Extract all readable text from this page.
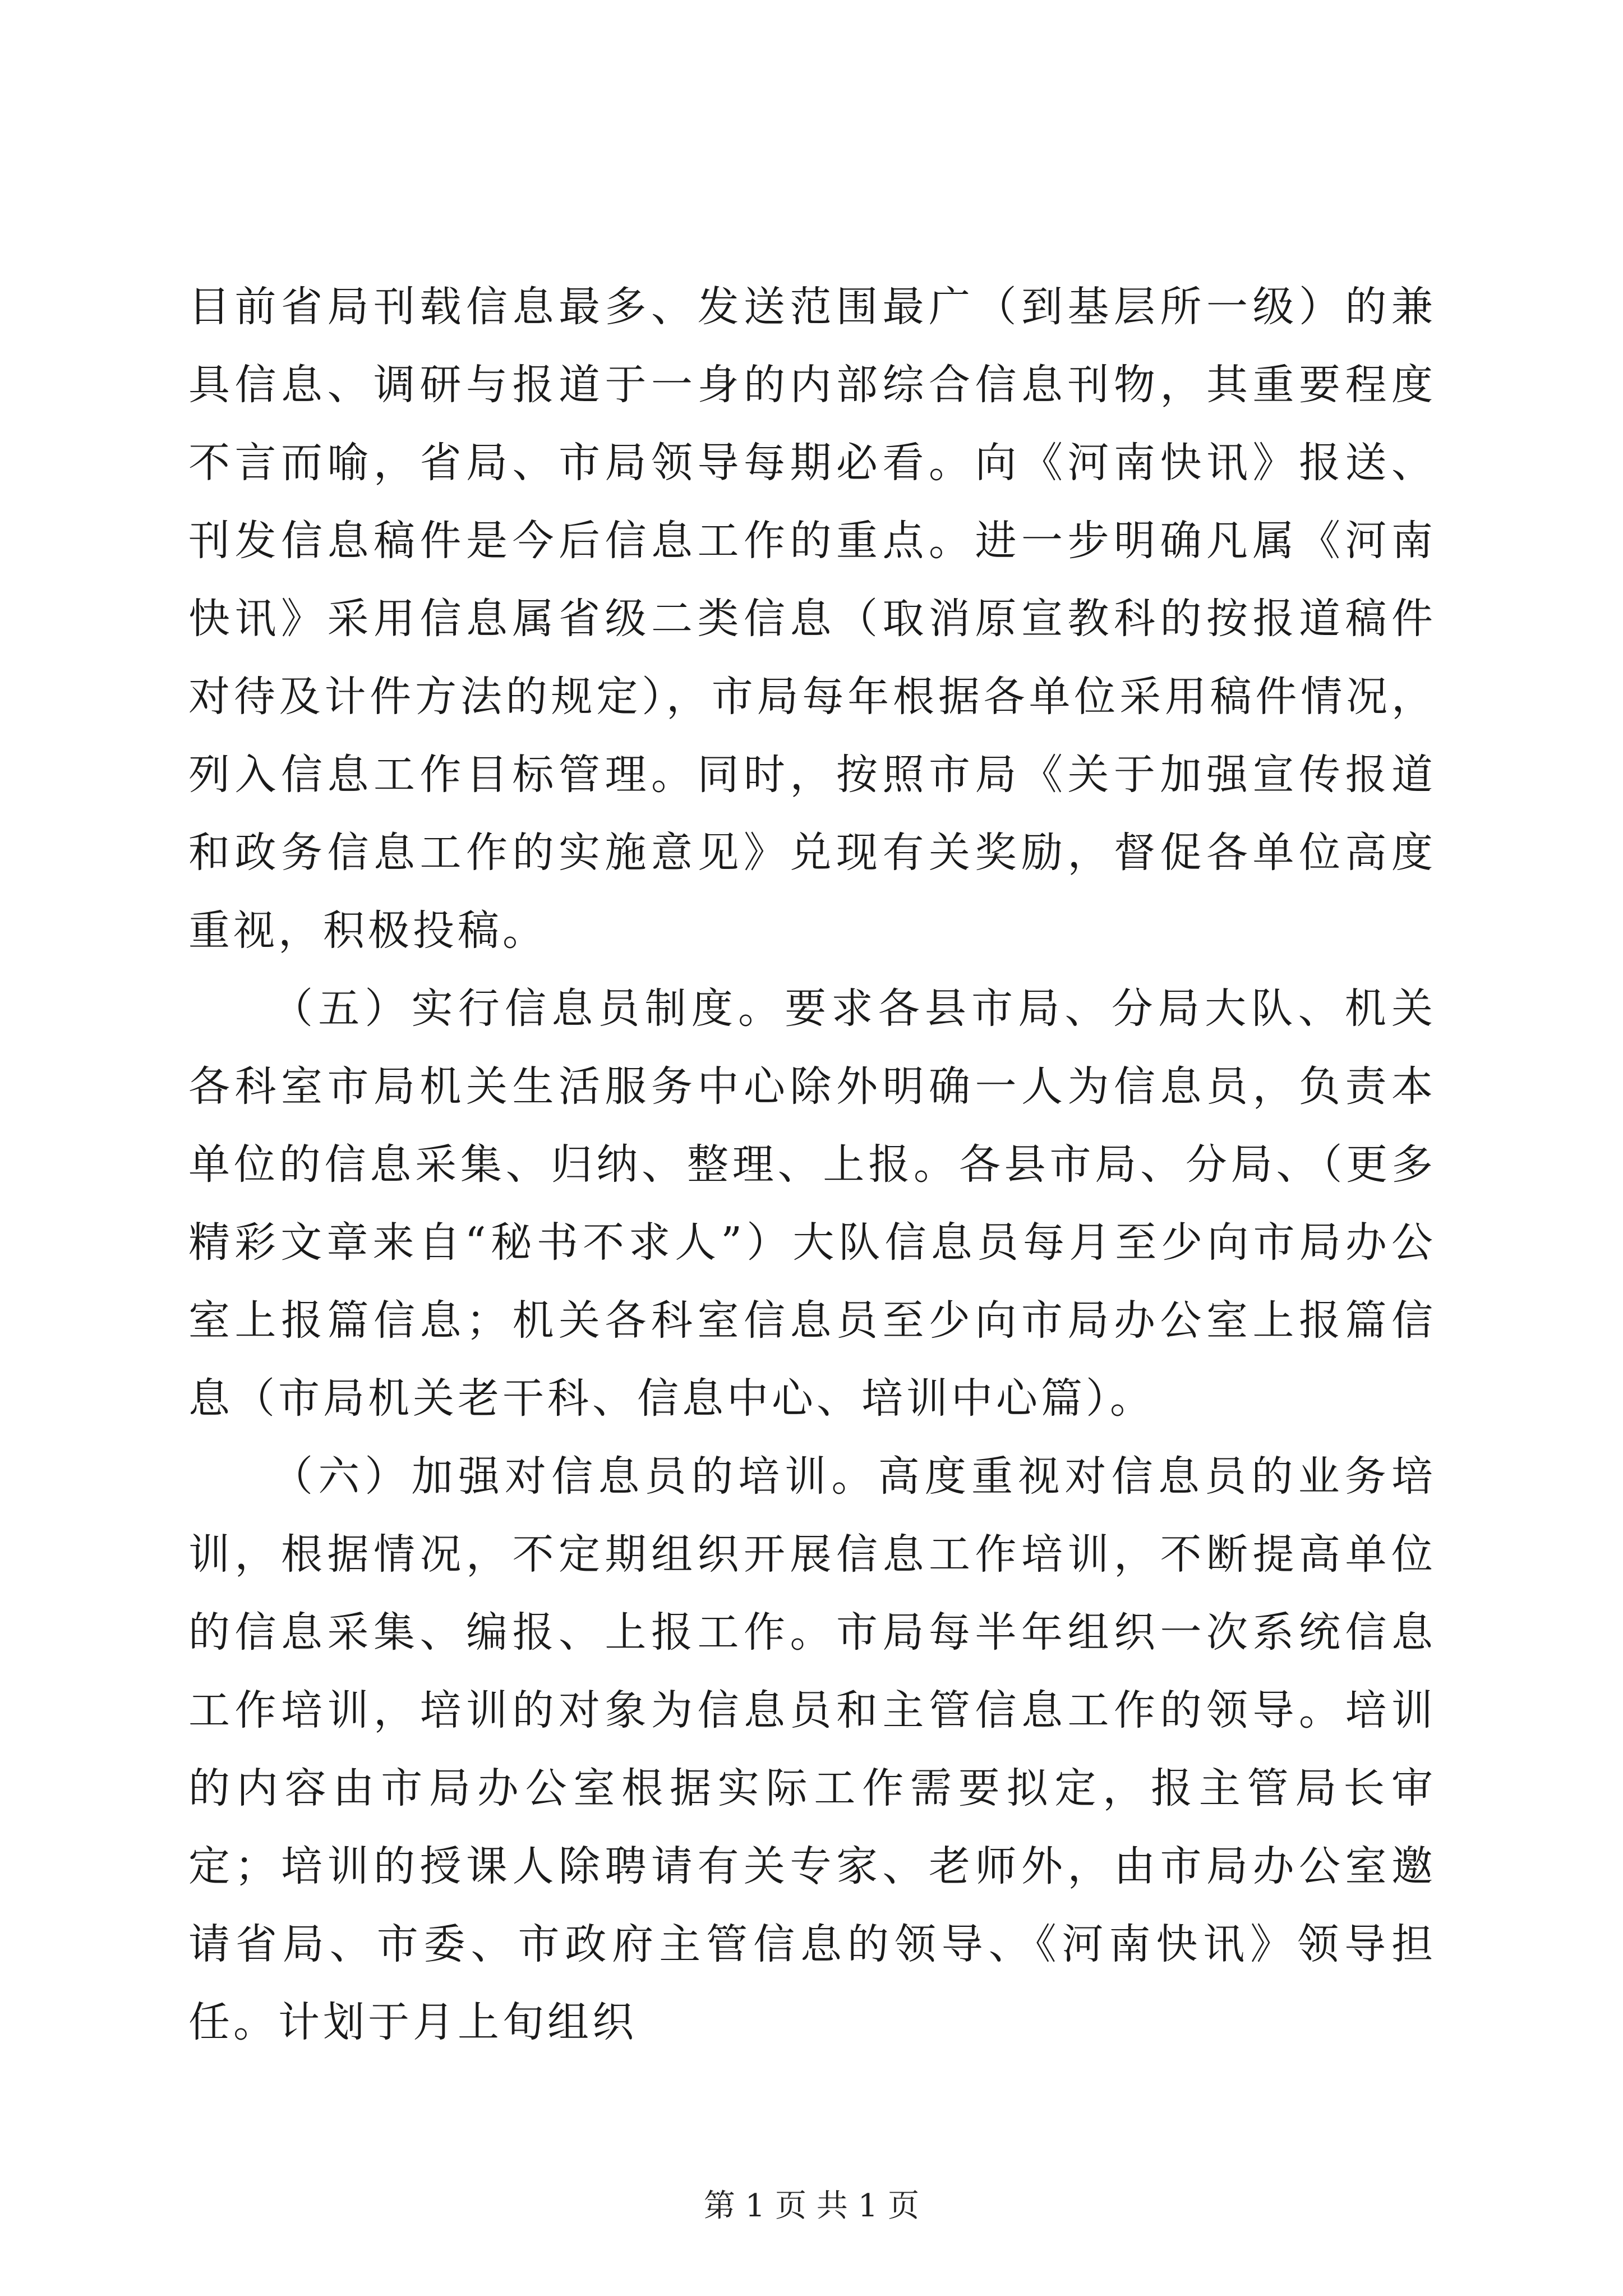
目前省局刊载信息最多、发送范围最广（到基层所一级）的兼具信息、调研与报道于一身的内部综合信息刊物，其重要程度不言而喻，省局、市局领导每期必看。向《河南快讯》报送、刊发信息稿件是今后信息工作的重点。进一步明确凡属《河南快讯》采用信息属省级二类信息（取消原宣教科的按报道稿件对待及计件方法的规定），市局每年根据各单位采用稿件情况，列入信息工作目标管理。同时，按照市局《关于加强宣传报道和政务信息工作的实施意见》兑现有关奖励，督促各单位高度重视，积极投稿。

（五）实行信息员制度。要求各县市局、分局大队、机关各科室市局机关生活服务中心除外明确一人为信息员，负责本单位的信息采集、归纳、整理、上报。各县市局、分局、（更多精彩文章来自“秘书不求人”）大队信息员每月至少向市局办公室上报篇信息；机关各科室信息员至少向市局办公室上报篇信息（市局机关老干科、信息中心、培训中心篇）。

（六）加强对信息员的培训。高度重视对信息员的业务培训，根据情况，不定期组织开展信息工作培训，不断提高单位的信息采集、编报、上报工作。市局每半年组织一次系统信息工作培训，培训的对象为信息员和主管信息工作的领导。培训的内容由市局办公室根据实际工作需要拟定，报主管局长审定；培训的授课人除聘请有关专家、老师外，由市局办公室邀请省局、市委、市政府主管信息的领导、《河南快讯》领导担任。计划于月上旬组织

第 1 页 共 1 页
